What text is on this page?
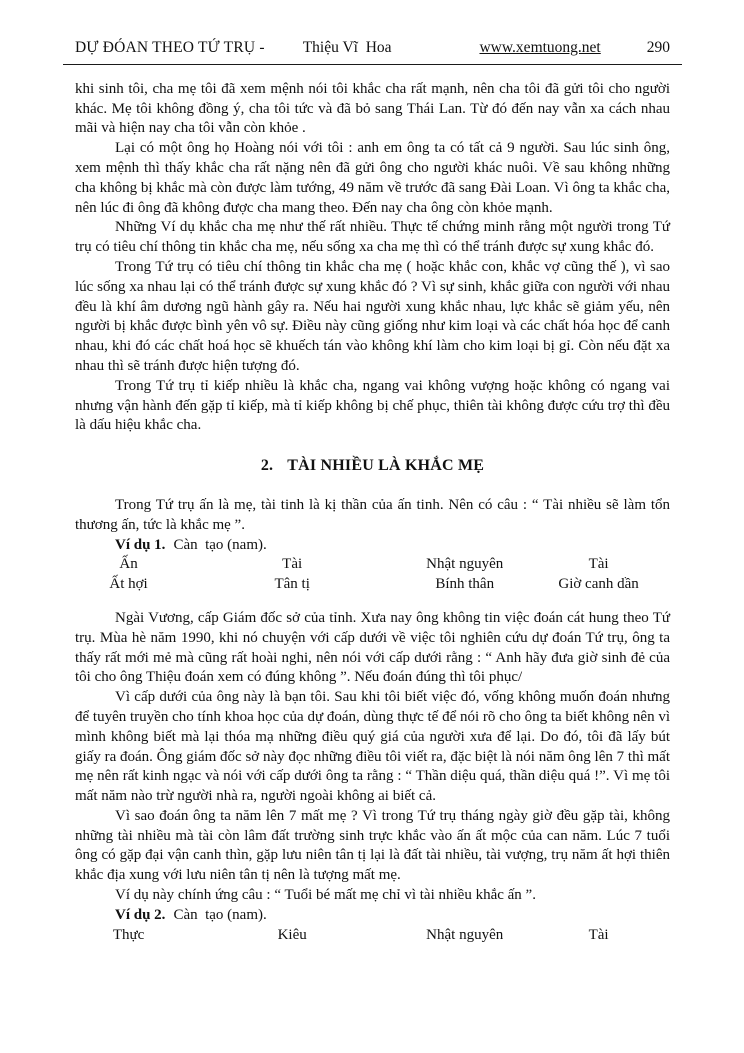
DỰ ĐÓAN THEO TỨ TRỤ - Thiệu Vĩ  Hoa	www.xemtuong.net	290

khi sinh tôi, cha mẹ tôi đã xem mệnh nói tôi khắc cha rất mạnh, nên cha tôi đã gửi tôi cho người khác. Mẹ tôi không đồng ý, cha tôi tức và đã bỏ sang Thái Lan. Từ đó đến nay vẫn xa cách nhau mãi và hiện nay cha tôi vẫn còn khỏe .

Lại có một ông họ Hoàng nói với tôi : anh em ông ta có tất cả 9 người. Sau lúc sinh ông, xem mệnh thì thấy khắc cha rất nặng nên đã gửi ông cho người khác nuôi. Về sau không những cha không bị khắc mà còn được làm tướng, 49 năm về trước đã sang Đài Loan. Vì ông ta khắc cha, nên lúc đi ông đã không được cha mang theo. Đến nay cha ông còn khỏe mạnh.

Những Ví dụ khắc cha mẹ như thế rất nhiều. Thực tế chứng minh rằng một người trong Tứ trụ có tiêu chí thông tin khắc cha mẹ, nếu sống xa cha mẹ thì có thể tránh được sự xung khắc đó.

Trong Tứ trụ có tiêu chí thông tin khắc cha mẹ ( hoặc khắc con, khắc vợ cũng thế ), vì sao lúc sống xa nhau lại có thể tránh được sự xung khắc đó ? Vì sự sinh, khắc giữa con người với nhau đều là khí âm dương ngũ hành gây ra. Nếu hai người xung khắc nhau, lực khắc sẽ giảm yếu, nên người bị khắc được bình yên vô sự. Điều này cũng giống như kim loại và các chất hóa học để canh nhau, khi đó các chất hoá học sẽ khuếch tán vào không khí làm cho kim loại bị gỉ. Còn nếu đặt xa nhau thì sẽ tránh được hiện tượng đó.

Trong Tứ trụ tỉ kiếp nhiều là khắc cha, ngang vai không vượng hoặc không có ngang vai nhưng vận hành đến gặp tỉ kiếp, mà tỉ kiếp không bị chế phục, thiên tài không được cứu trợ thì đều là dấu hiệu khắc cha.

2. TÀI NHIỀU LÀ KHẮC MẸ

Trong Tứ trụ ấn là mẹ, tài tinh là kị thần của ấn tinh. Nên có câu : “ Tài nhiều sẽ làm tổn thương ấn, tức là khắc mẹ ”.

Ví dụ 1. Càn  tạo (nam).

Ấn	Tài	Nhật nguyên	Tài
Ất hợi	Tân tị	Bính thân	Giờ canh dần

Ngài Vương, cấp Giám đốc sở của tỉnh. Xưa nay ông không tin việc đoán cát hung theo Tứ trụ. Mùa hè năm 1990, khi nó chuyện với cấp dưới về việc tôi nghiên cứu dự đoán Tứ trụ, ông ta thấy rất mới mẻ mà cũng rất hoài nghi, nên nói với cấp dưới rằng : “ Anh hãy đưa giờ sinh đẻ của tôi cho ông Thiệu đoán xem có đúng không ”. Nếu đoán đúng thì tôi phục/

Vì cấp dưới của ông này là bạn tôi. Sau khi tôi biết việc đó, vống không muốn đoán nhưng để tuyên truyền cho tính khoa học của dự đoán, dùng thực tế để nói rõ cho ông ta biết không nên vì mình không biết mà lại thóa mạ những điều quý giá của người xưa để lại. Do đó, tôi đã lấy bút giấy ra đoán. Ông giám đốc sở này đọc những điều tôi viết ra, đặc biệt là nói năm ông lên 7 thì mất mẹ nên rất kinh ngạc và nói với cấp dưới ông ta rằng : “ Thần diệu quá, thần diệu quá !”. Vì mẹ tôi mất năm nào trừ người nhà ra, người ngoài không ai biết cả.

Vì sao đoán ông ta năm lên 7 mất mẹ ? Vì trong Tứ trụ tháng ngày giờ đều gặp tài, không những tài nhiều mà tài còn lâm đất trường sinh trực khắc vào ấn ất mộc của can năm. Lúc 7 tuổi ông có gặp đại vận canh thìn, gặp lưu niên tân tị lại là đất tài nhiều, tài vượng, trụ năm ất hợi thiên khắc địa xung với lưu niên tân tị nên là tượng mất mẹ.

Ví dụ này chính ứng câu : “ Tuổi bé mất mẹ chỉ vì tài nhiều khắc ấn ”.

Ví dụ 2. Càn  tạo (nam).

Thực	Kiêu	Nhật nguyên	Tài
